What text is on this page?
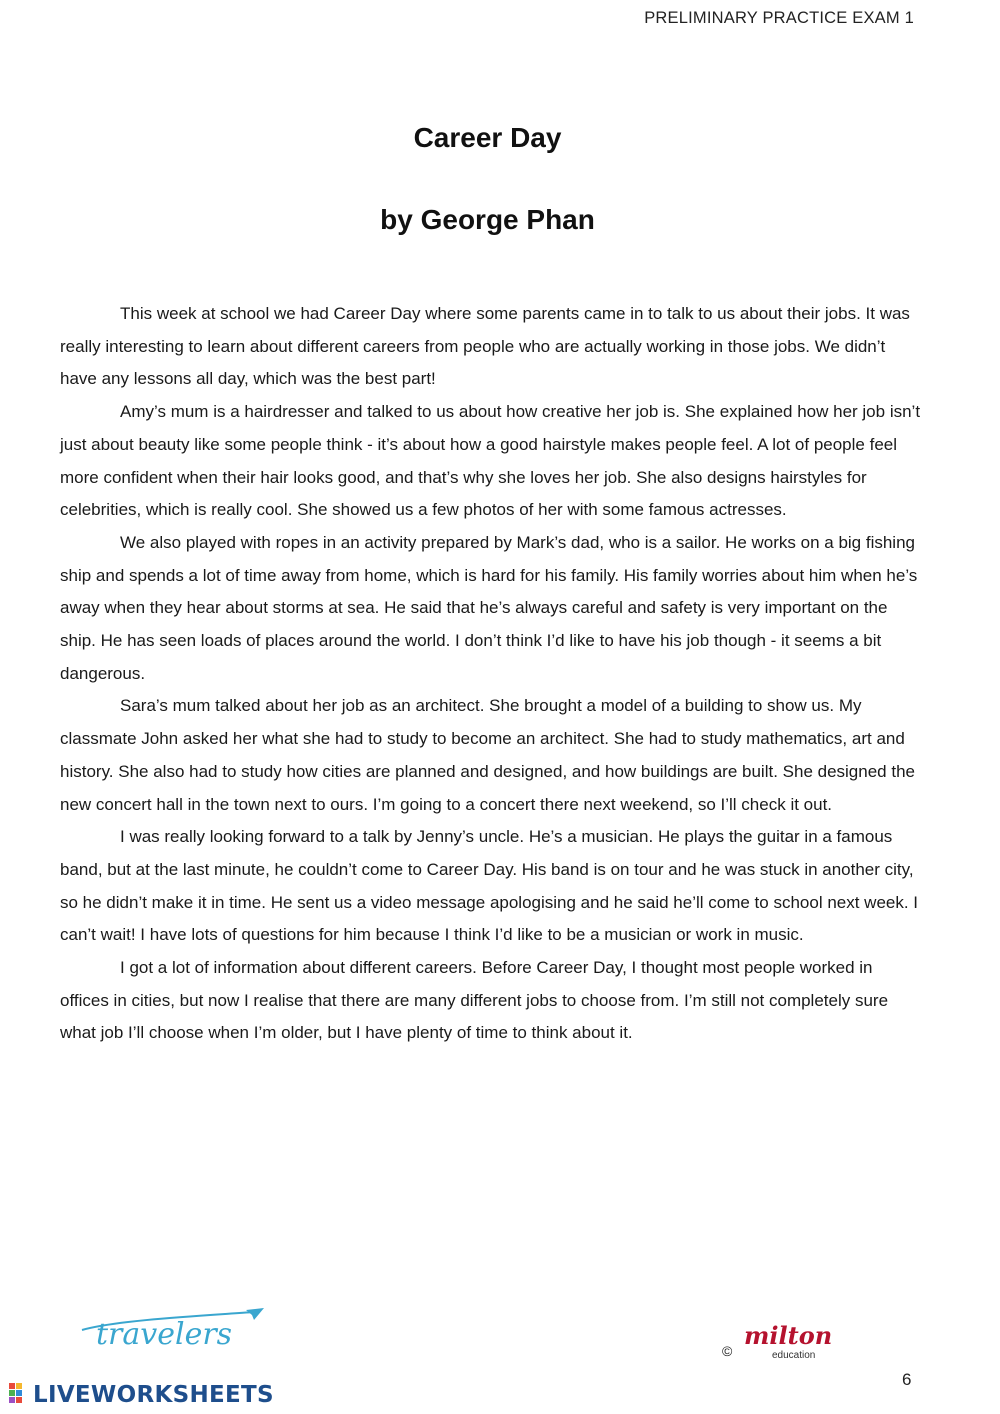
PRELIMINARY PRACTICE EXAM 1
Career Day
by George Phan

This week at school we had Career Day where some parents came in to talk to us about their jobs. It was really interesting to learn about different careers from people who are actually working in those jobs. We didn’t have any lessons all day, which was the best part!

Amy’s mum is a hairdresser and talked to us about how creative her job is. She explained how her job isn’t just about beauty like some people think - it’s about how a good hairstyle makes people feel. A lot of people feel more confident when their hair looks good, and that’s why she loves her job. She also designs hairstyles for celebrities, which is really cool. She showed us a few photos of her with some famous actresses.

We also played with ropes in an activity prepared by Mark’s dad, who is a sailor. He works on a big fishing ship and spends a lot of time away from home, which is hard for his family. His family worries about him when he’s away when they hear about storms at sea. He said that he’s always careful and safety is very important on the ship. He has seen loads of places around the world. I don’t think I’d like to have his job though - it seems a bit dangerous.

Sara’s mum talked about her job as an architect. She brought a model of a building to show us. My classmate John asked her what she had to study to become an architect. She had to study mathematics, art and history. She also had to study how cities are planned and designed, and how buildings are built. She designed the new concert hall in the town next to ours. I’m going to a concert there next weekend, so I’ll check it out.

I was really looking forward to a talk by Jenny’s uncle. He’s a musician. He plays the guitar in a famous band, but at the last minute, he couldn’t come to Career Day. His band is on tour and he was stuck in another city, so he didn’t make it in time. He sent us a video message apologising and he said he’ll come to school next week. I can’t wait! I have lots of questions for him because I think I’d like to be a musician or work in music.

I got a lot of information about different careers. Before Career Day, I thought most people worked in offices in cities, but now I realise that there are many different jobs to choose from. I’m still not completely sure what job I’ll choose when I’m older, but I have plenty of time to think about it.

travelers	©
milton
education
6
LIVEWORKSHEETS
